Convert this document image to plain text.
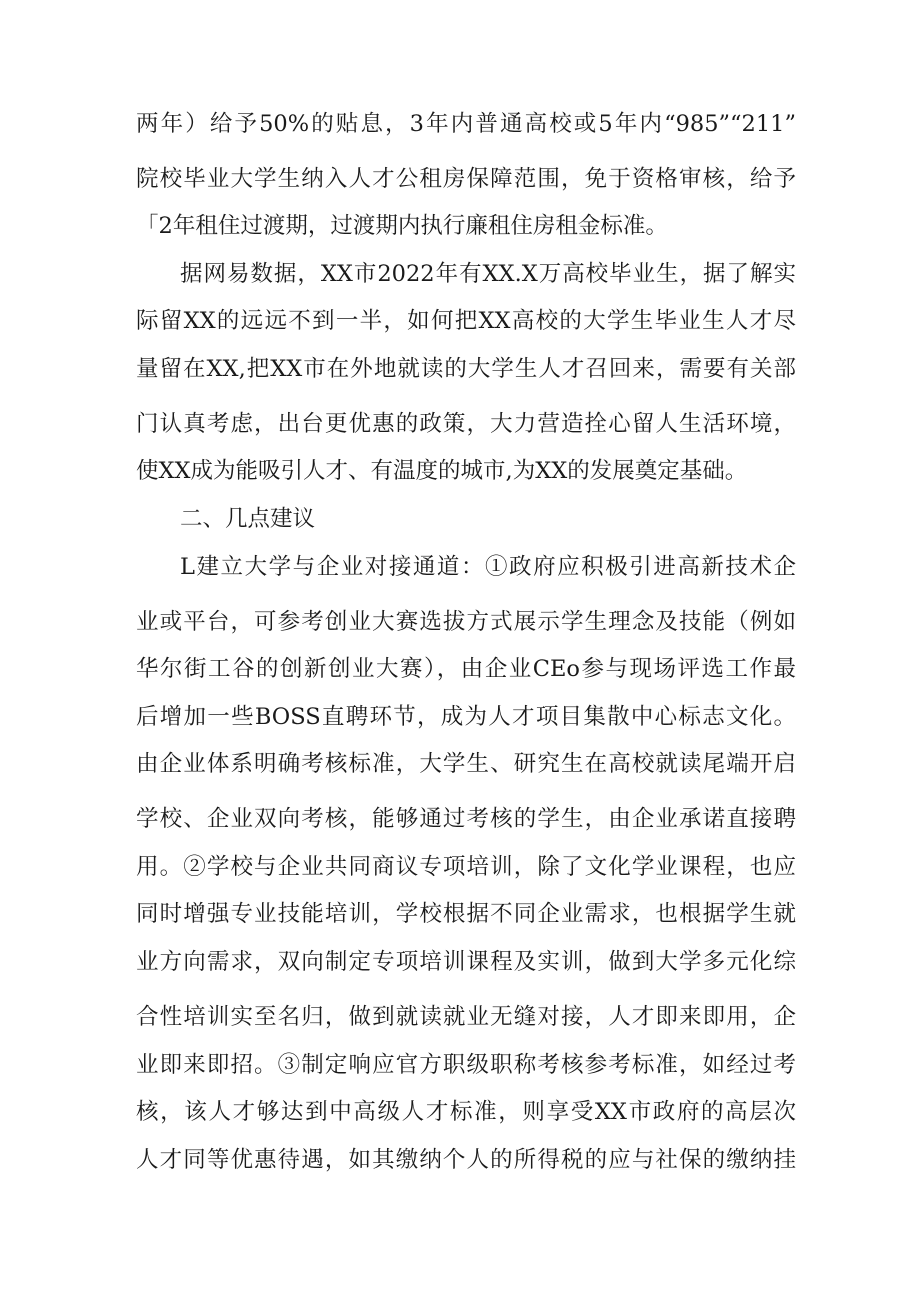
两年）给予50%的贴息，3年内普通高校或5年内“985”“211”
院校毕业大学生纳入人才公租房保障范围，免于资格审核，给予
「2年租住过渡期，过渡期内执行廉租住房租金标准。
据网易数据，XX市2022年有XX.X万高校毕业生，据了解实
际留XX的远远不到一半，如何把XX高校的大学生毕业生人才尽
量留在XX,把XX市在外地就读的大学生人才召回来，需要有关部
门认真考虑，出台更优惠的政策，大力营造拴心留人生活环境，
使XX成为能吸引人才、有温度的城市,为XX的发展奠定基础。
二、几点建议
L建立大学与企业对接通道：①政府应积极引进高新技术企
业或平台，可参考创业大赛选拔方式展示学生理念及技能（例如
华尔街工谷的创新创业大赛），由企业CEo参与现场评选工作最
后增加一些BOSS直聘环节，成为人才项目集散中心标志文化。
由企业体系明确考核标准，大学生、研究生在高校就读尾端开启
学校、企业双向考核，能够通过考核的学生，由企业承诺直接聘
用。②学校与企业共同商议专项培训，除了文化学业课程，也应
同时增强专业技能培训，学校根据不同企业需求，也根据学生就
业方向需求，双向制定专项培训课程及实训，做到大学多元化综
合性培训实至名归，做到就读就业无缝对接，人才即来即用，企
业即来即招。③制定响应官方职级职称考核参考标准，如经过考
核，该人才够达到中高级人才标准，则享受XX市政府的高层次
人才同等优惠待遇，如其缴纳个人的所得税的应与社保的缴纳挂
